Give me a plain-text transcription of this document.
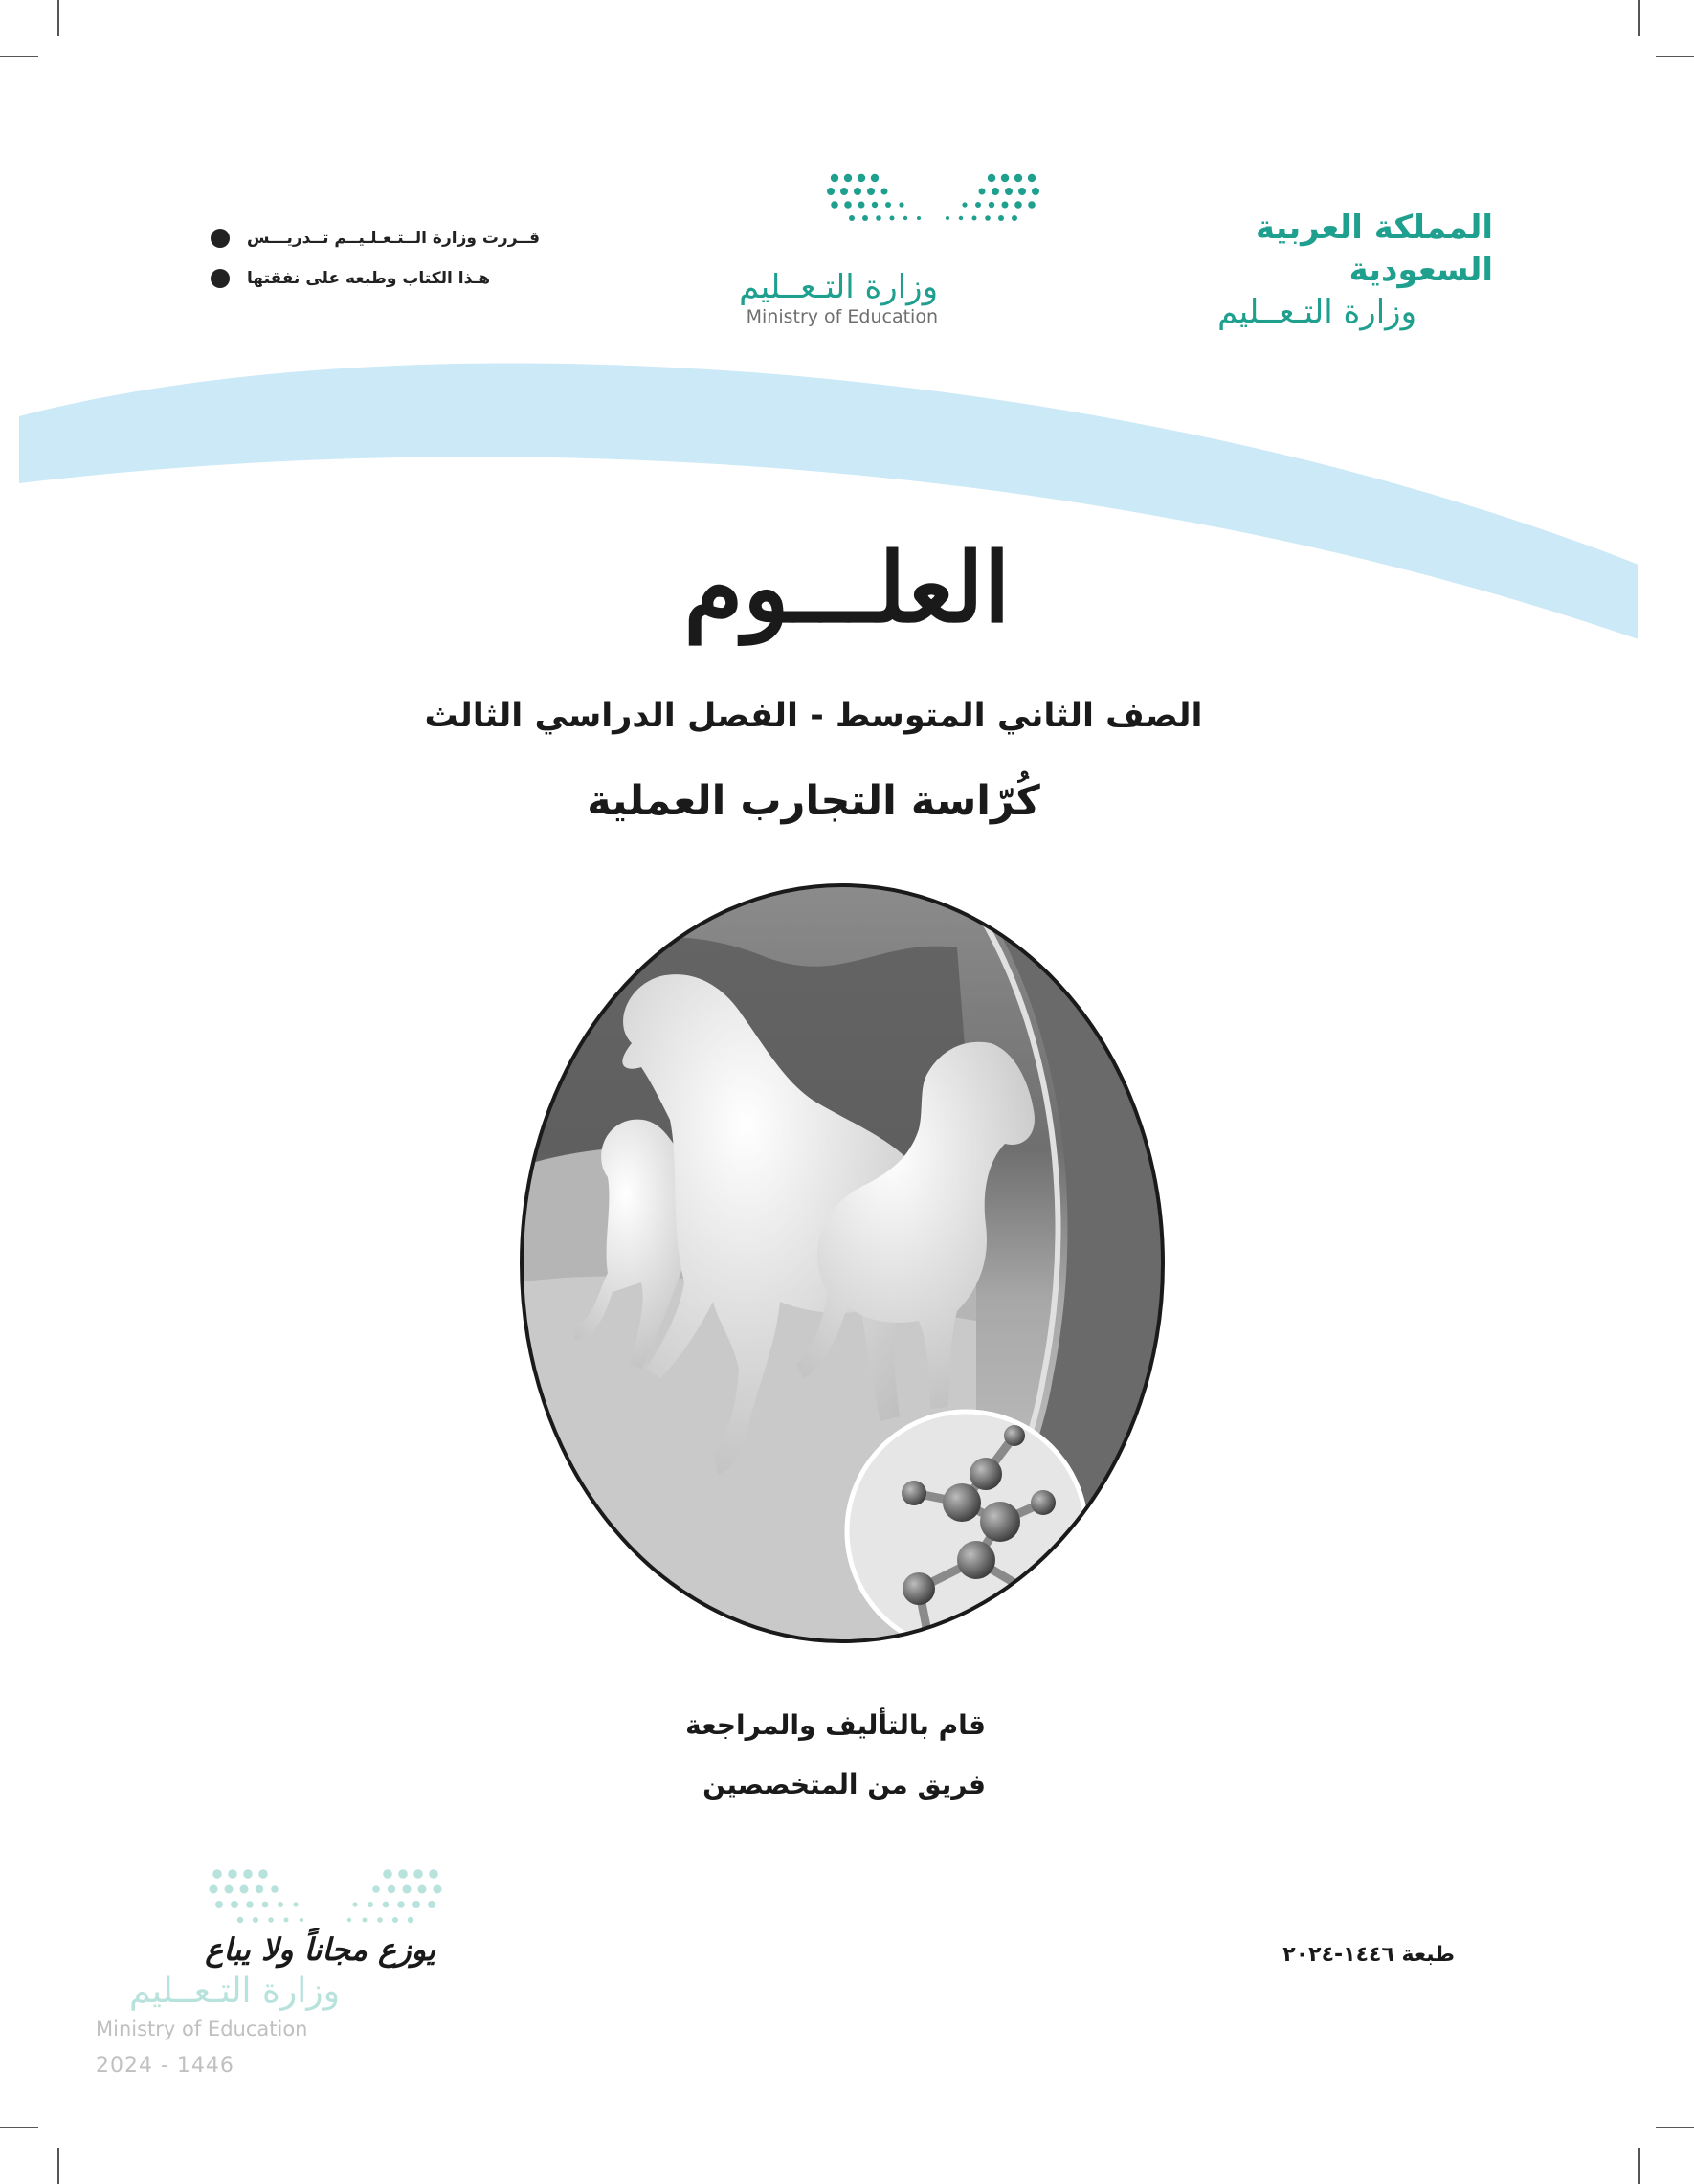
المملكة العربية السعودية
وزارة التـعــليم
وزارة التـعــليم
Ministry of Education
قــررت وزارة الــتـعـلـيــم تــدريـــس
هـذا الكتاب وطبعه على نفقتها
العلـــوم
الصف الثاني المتوسط - الفصل الدراسي الثالث
كُرّاسة التجارب العملية
قام بالتأليف والمراجعة
فريق من المتخصصين
طبعة ١٤٤٦-٢٠٢٤
يوزع مجاناً ولا يباع
وزارة التـعــليم
Ministry of Education
2024 - 1446
